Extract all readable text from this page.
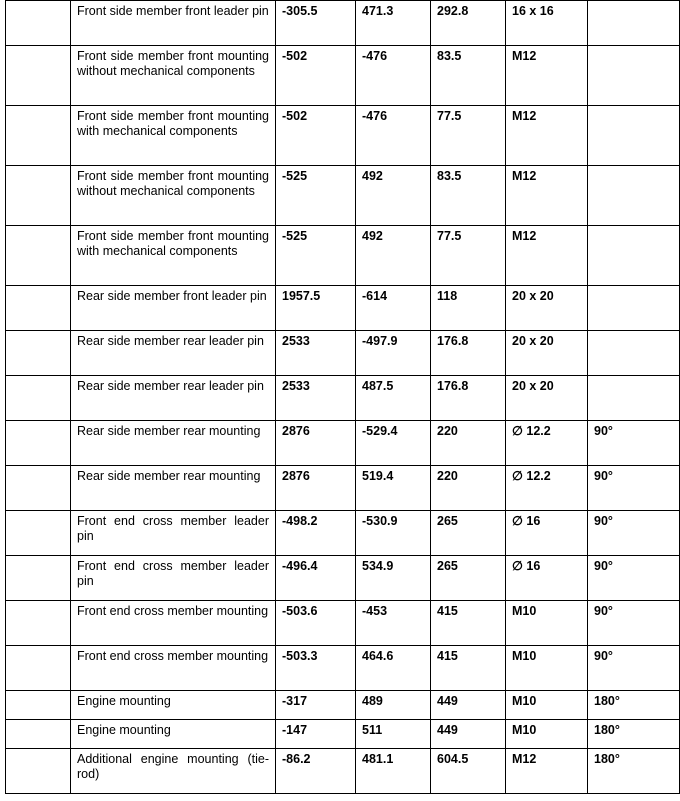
	Front side member front leader pin	-305.5	471.3	292.8	16 x 16	
	Front side member front mounting without mechanical components	-502	-476	83.5	M12	
	Front side member front mounting with mechanical components	-502	-476	77.5	M12	
	Front side member front mounting without mechanical components	-525	492	83.5	M12	
	Front side member front mounting with mechanical components	-525	492	77.5	M12	
	Rear side member front leader pin	1957.5	-614	118	20 x 20	
	Rear side member rear leader pin	2533	-497.9	176.8	20 x 20	
	Rear side member rear leader pin	2533	487.5	176.8	20 x 20	
	Rear side member rear mounting	2876	-529.4	220	∅ 12.2	90°
	Rear side member rear mounting	2876	519.4	220	∅ 12.2	90°
	Front end cross member leader pin	-498.2	-530.9	265	∅ 16	90°
	Front end cross member leader pin	-496.4	534.9	265	∅ 16	90°
	Front end cross member mounting	-503.6	-453	415	M10	90°
	Front end cross member mounting	-503.3	464.6	415	M10	90°
	Engine mounting	-317	489	449	M10	180°
	Engine mounting	-147	511	449	M10	180°
	Additional engine mounting (tie-rod)	-86.2	481.1	604.5	M12	180°
